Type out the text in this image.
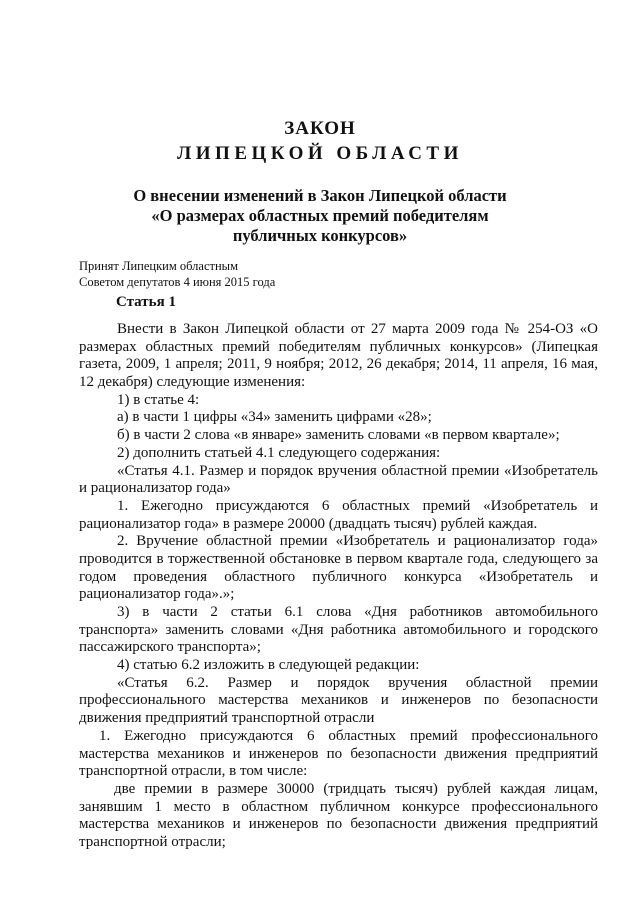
ЗАКОН
ЛИПЕЦКОЙ ОБЛАСТИ
О внесении изменений в Закон Липецкой области
«О размерах областных премий победителям
публичных конкурсов»
Принят Липецким областным
Советом депутатов 4 июня 2015 года
Статья 1
Внести в Закон Липецкой области от 27 марта 2009 года № 254-ОЗ «О
размерах областных премий победителям публичных конкурсов» (Липецкая
газета, 2009, 1 апреля; 2011, 9 ноября; 2012, 26 декабря; 2014, 11 апреля, 16 мая,
12 декабря) следующие изменения:
1) в статье 4:
а) в части 1 цифры «34» заменить цифрами «28»;
б) в части 2 слова «в январе» заменить словами «в первом квартале»;
2) дополнить статьей 4.1 следующего содержания:
«Статья 4.1. Размер и порядок вручения областной премии «Изобретатель
и рационализатор года»
1. Ежегодно присуждаются 6 областных премий «Изобретатель и
рационализатор года» в размере 20000 (двадцать тысяч) рублей каждая.
2. Вручение областной премии «Изобретатель и рационализатор года»
проводится в торжественной обстановке в первом квартале года, следующего за
годом проведения областного публичного конкурса «Изобретатель и
рационализатор года».»;
3) в части 2 статьи 6.1 слова «Дня работников автомобильного
транспорта» заменить словами «Дня работника автомобильного и городского
пассажирского транспорта»;
4) статью 6.2 изложить в следующей редакции:
«Статья 6.2. Размер и порядок вручения областной премии
профессионального мастерства механиков и инженеров по безопасности
движения предприятий транспортной отрасли
1. Ежегодно присуждаются 6 областных премий профессионального
мастерства механиков и инженеров по безопасности движения предприятий
транспортной отрасли, в том числе:
две премии в размере 30000 (тридцать тысяч) рублей каждая лицам,
занявшим 1 место в областном публичном конкурсе профессионального
мастерства механиков и инженеров по безопасности движения предприятий
транспортной отрасли;
